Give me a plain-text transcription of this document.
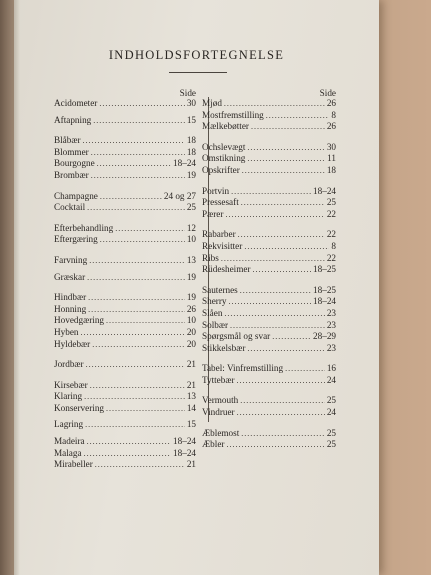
INDHOLDSFORTEGNELSE
Side
Acidometer .....	30
Aftapning .....	15
Blåbær .....	18
Blommer .....	18
Bourgogne .....	18–24
Brombær .....	19
Champagne .....	24 og 27
Cocktail .....	25
Efterbehandling .....	12
Eftergæring .....	10
Farvning .....	13
Græskar .....	19
Hindbær .....	19
Honning .....	26
Hovedgæring .....	10
Hyben .....	20
Hyldebær .....	20
Jordbær .....	21
Kirsebær .....	21
Klaring .....	13
Konservering .....	14
Lagring .....	15
Madeira .....	18–24
Malaga .....	18–24
Mirabeller .....	21
Side
Mjød .....	26
Mostfremstilling .....	8
Mælkebøtter .....	26
Ochslevægt .....	30
Omstikning .....	11
Opskrifter .....	18
Portvin .....	18–24
Pressesaft .....	25
Pærer .....	22
Rabarber .....	22
Rekvisitter .....	8
Ribs .....	22
Rüdesheimer .....	18–25
Sauternes .....	18–25
Sherry .....	18–24
Slåen .....	23
Solbær .....	23
Spørgsmål og svar .....	28–29
Stikkelsbær .....	23
Tabel: Vinfremstilling .....	16
Tyttebær .....	24
Vermouth .....	25
Vindruer .....	24
Æblemost .....	25
Æbler .....	25
